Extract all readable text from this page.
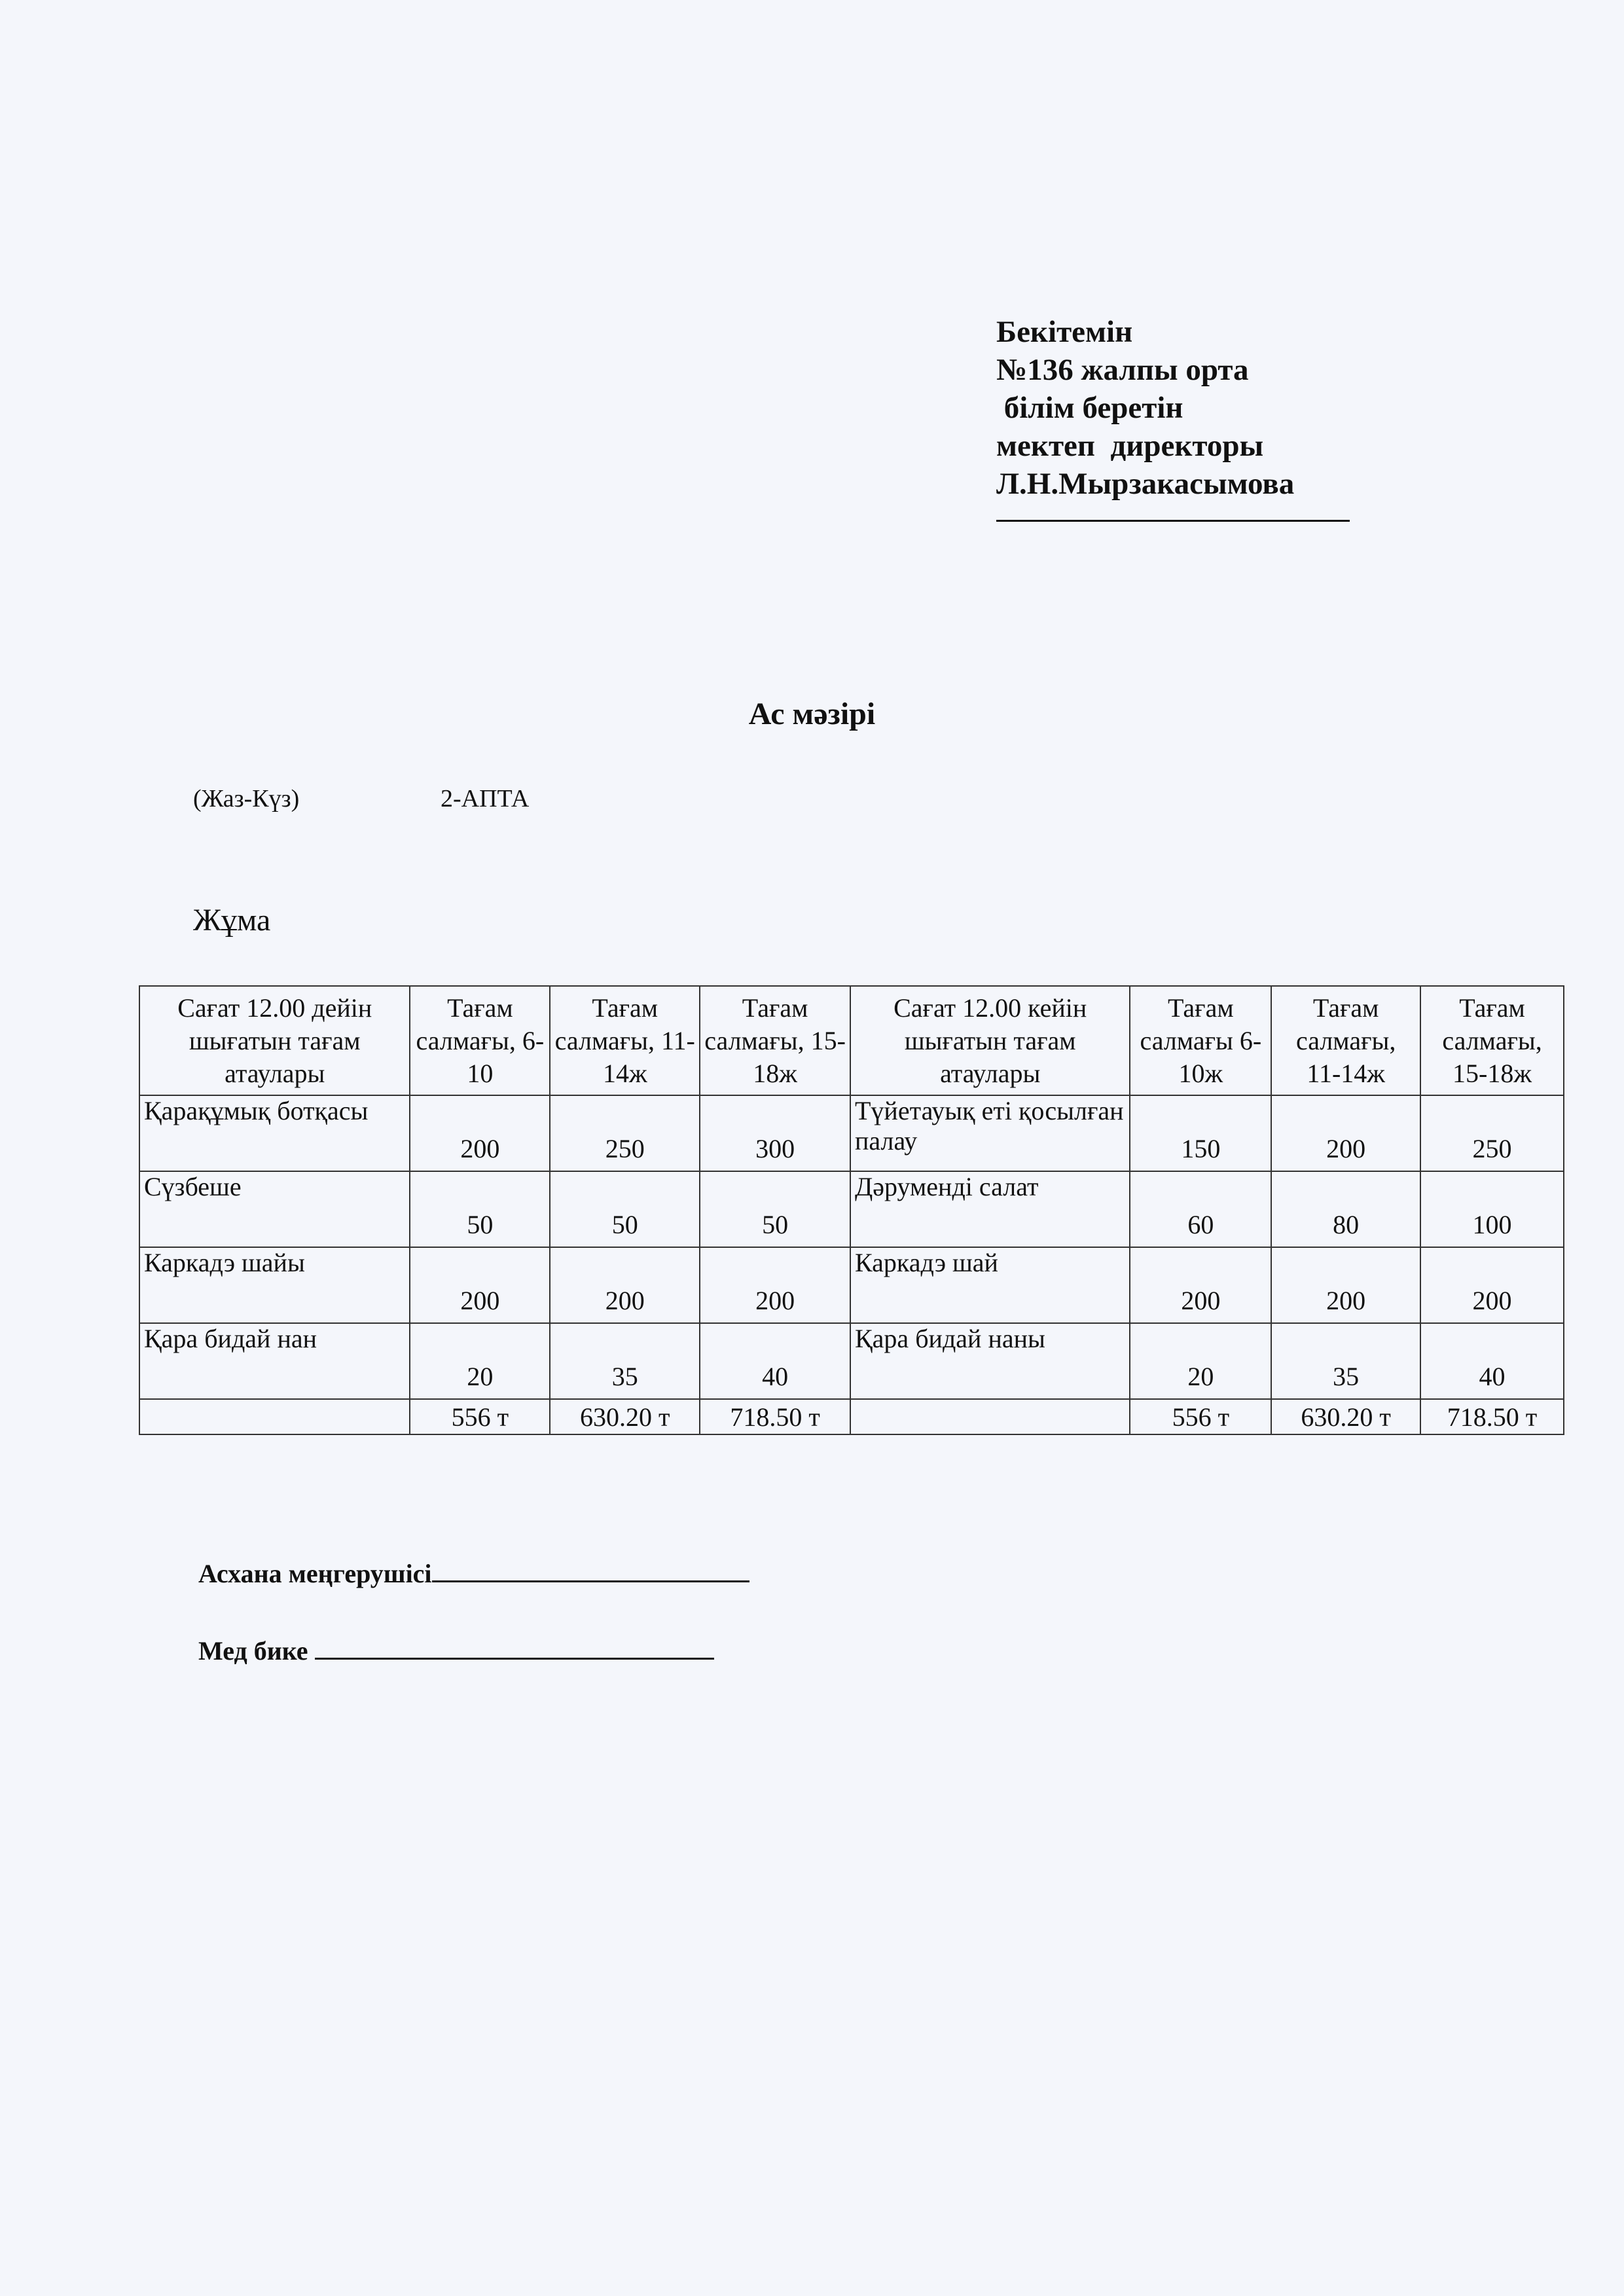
Бекітемін
№136 жалпы орта
білім беретін
мектеп  директоры
Л.Н.Мырзакасымова
Ас мәзірі
(Жаз-Күз)	2-АПТА
Жұма
Сағат 12.00 дейін шығатын тағам атаулары	Тағам салмағы, 6-10	Тағам салмағы, 11-14ж	Тағам салмағы, 15-18ж	Сағат 12.00 кейін шығатын тағам атаулары	Тағам салмағы 6-10ж	Тағам салмағы, 11-14ж	Тағам салмағы, 15-18ж
Қарақұмық ботқасы	200	250	300	Түйетауық еті қосылған палау	150	200	250
Сүзбеше	50	50	50	Дәруменді салат	60	80	100
Каркадэ шайы	200	200	200	Каркадэ шай	200	200	200
Қара бидай нан	20	35	40	Қара бидай наны	20	35	40
	556 т	630.20 т	718.50 т		556 т	630.20 т	718.50 т
Асхана меңгерушісі
Мед бике
